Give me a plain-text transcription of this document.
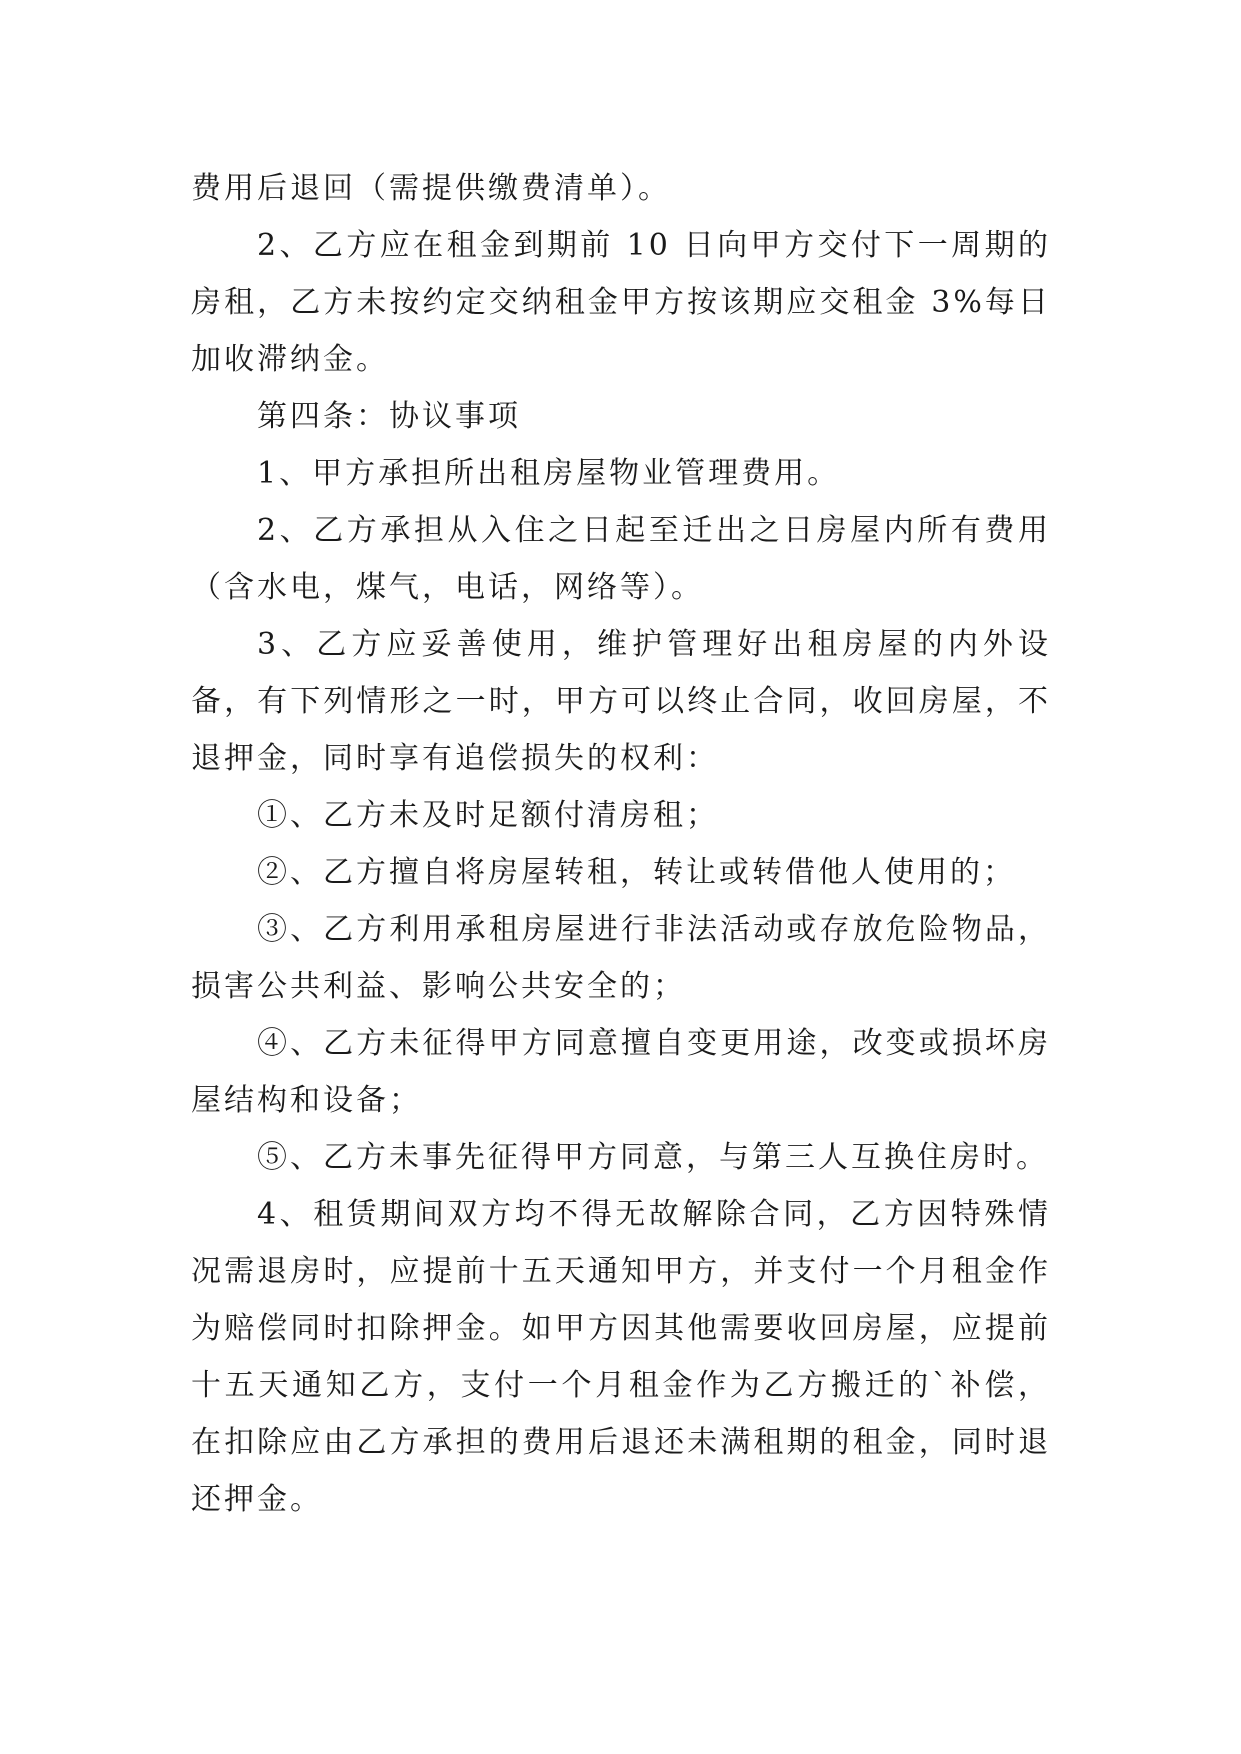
费用后退回（需提供缴费清单）。

2、乙方应在租金到期前 10 日向甲方交付下一周期的房租，乙方未按约定交纳租金甲方按该期应交租金 3%每日加收滞纳金。

第四条：协议事项

1、甲方承担所出租房屋物业管理费用。

2、乙方承担从入住之日起至迁出之日房屋内所有费用（含水电，煤气，电话，网络等）。

3、乙方应妥善使用，维护管理好出租房屋的内外设备，有下列情形之一时，甲方可以终止合同，收回房屋，不退押金，同时享有追偿损失的权利：

①、乙方未及时足额付清房租；

②、乙方擅自将房屋转租，转让或转借他人使用的；

③、乙方利用承租房屋进行非法活动或存放危险物品，损害公共利益、影响公共安全的；

④、乙方未征得甲方同意擅自变更用途，改变或损坏房屋结构和设备；

⑤、乙方未事先征得甲方同意，与第三人互换住房时。

4、租赁期间双方均不得无故解除合同，乙方因特殊情况需退房时，应提前十五天通知甲方，并支付一个月租金作为赔偿同时扣除押金。如甲方因其他需要收回房屋，应提前十五天通知乙方，支付一个月租金作为乙方搬迁的`补偿，在扣除应由乙方承担的费用后退还未满租期的租金，同时退还押金。
